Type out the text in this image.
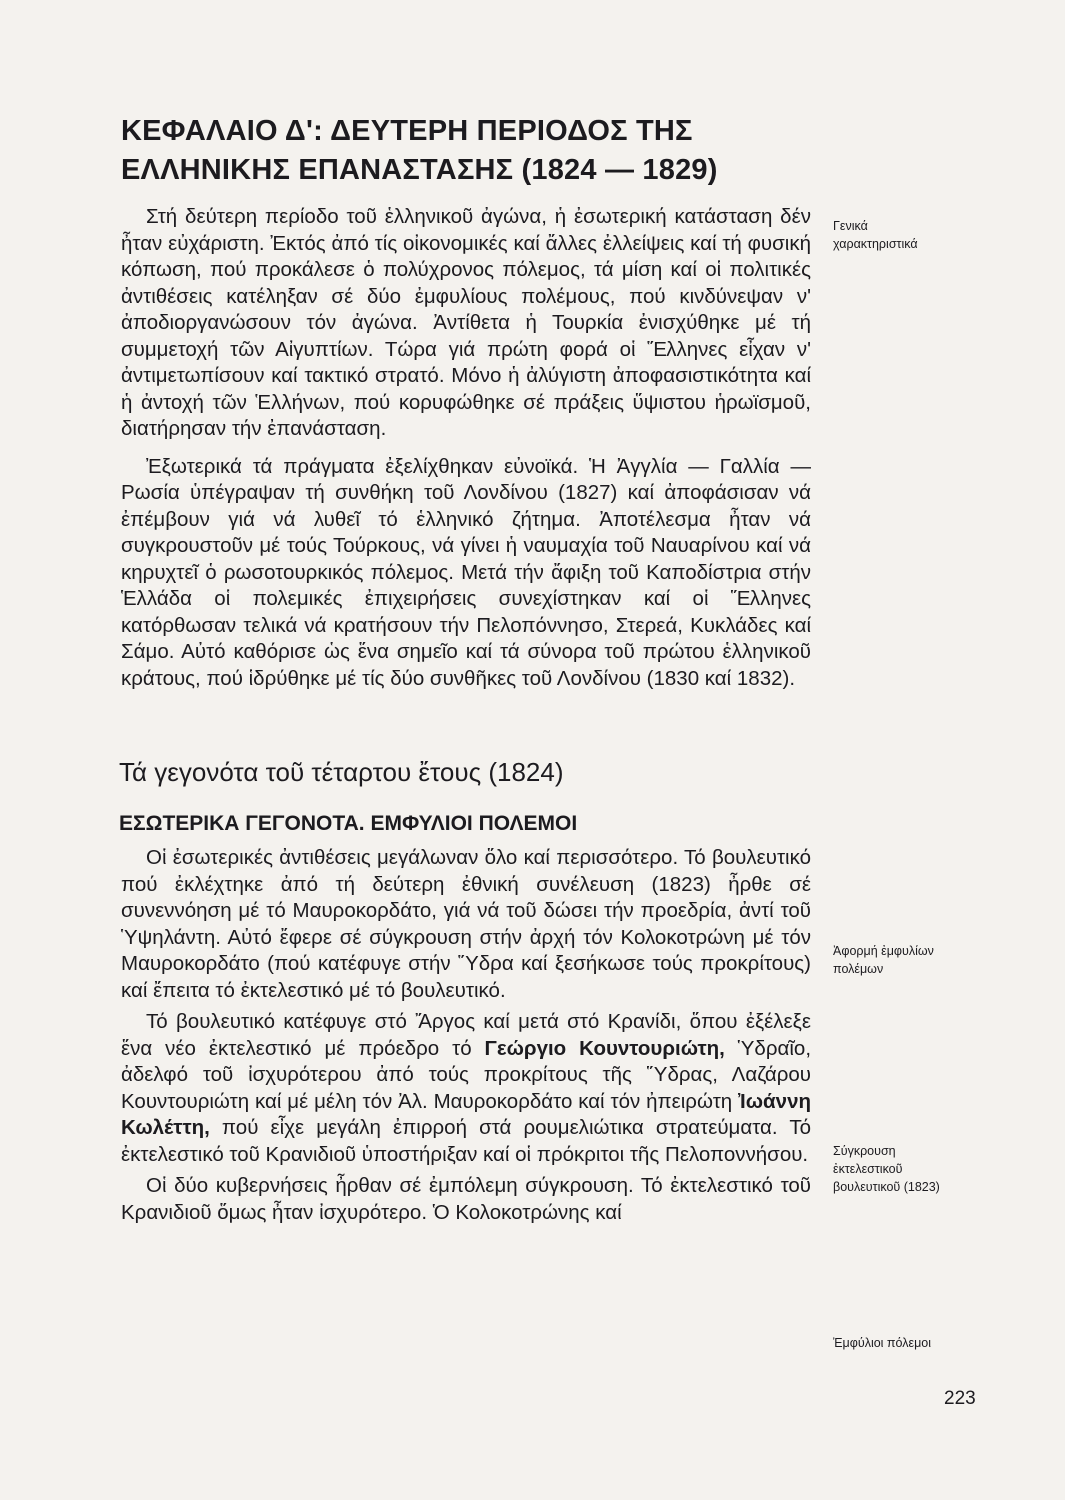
ΚΕΦΑΛΑΙΟ Δ': ΔΕΥΤΕΡΗ ΠΕΡΙΟΔΟΣ ΤΗΣ
ΕΛΛΗΝΙΚΗΣ ΕΠΑΝΑΣΤΑΣΗΣ (1824 — 1829)

Στή δεύτερη περίοδο τοῦ ἑλληνικοῦ ἀγώνα, ἡ ἐσωτερική κατάσταση δέν ἦταν εὐχάριστη. Ἐκτός ἀπό τίς οἰκονομικές καί ἄλλες ἐλλείψεις καί τή φυσική κόπωση, πού προκάλεσε ὁ πολύχρονος πόλεμος, τά μίση καί οἱ πολιτικές ἀντιθέσεις κατέληξαν σέ δύο ἐμφυλίους πολέμους, πού κινδύνεψαν ν' ἀποδιοργανώσουν τόν ἀγώνα. Ἀντίθετα ἡ Τουρκία ἐνισχύθηκε μέ τή συμμετοχή τῶν Αἰγυπτίων. Τώρα γιά πρώτη φορά οἱ Ἕλληνες εἶχαν ν' ἀντιμετωπίσουν καί τακτικό στρατό. Μόνο ἡ ἀλύγιστη ἀποφασιστικότητα καί ἡ ἀντοχή τῶν Ἑλλήνων, πού κορυφώθηκε σέ πράξεις ὕψιστου ἡρωϊσμοῦ, διατήρησαν τήν ἐπανάσταση.

Ἐξωτερικά τά πράγματα ἐξελίχθηκαν εὐνοϊκά. Ἡ Ἀγγλία — Γαλλία — Ρωσία ὑπέγραψαν τή συνθήκη τοῦ Λονδίνου (1827) καί ἀποφάσισαν νά ἐπέμβουν γιά νά λυθεῖ τό ἑλληνικό ζήτημα. Ἀποτέλεσμα ἦταν νά συγκρουστοῦν μέ τούς Τούρκους, νά γίνει ἡ ναυμαχία τοῦ Ναυαρίνου καί νά κηρυχτεῖ ὁ ρωσοτουρκικός πόλεμος. Μετά τήν ἄφιξη τοῦ Καποδίστρια στήν Ἑλλάδα οἱ πολεμικές ἐπιχειρήσεις συνεχίστηκαν καί οἱ Ἕλληνες κατόρθωσαν τελικά νά κρατήσουν τήν Πελοπόννησο, Στερεά, Κυκλάδες καί Σάμο. Αὐτό καθόρισε ὡς ἕνα σημεῖο καί τά σύνορα τοῦ πρώτου ἑλληνικοῦ κράτους, πού ἱδρύθηκε μέ τίς δύο συνθῆκες τοῦ Λονδίνου (1830 καί 1832).

Τά γεγονότα τοῦ τέταρτου ἔτους (1824)
ΕΣΩΤΕΡΙΚΑ ΓΕΓΟΝΟΤΑ. ΕΜΦΥΛΙΟΙ ΠΟΛΕΜΟΙ

Οἱ ἐσωτερικές ἀντιθέσεις μεγάλωναν ὅλο καί περισσότερο. Τό βουλευτικό πού ἐκλέχτηκε ἀπό τή δεύτερη ἐθνική συνέλευση (1823) ἦρθε σέ συνεννόηση μέ τό Μαυροκορδάτο, γιά νά τοῦ δώσει τήν προεδρία, ἀντί τοῦ Ὑψηλάντη. Αὐτό ἔφερε σέ σύγκρουση στήν ἀρχή τόν Κολοκοτρώνη μέ τόν Μαυροκορδάτο (πού κατέφυγε στήν Ὕδρα καί ξεσήκωσε τούς προκρίτους) καί ἔπειτα τό ἐκτελεστικό μέ τό βουλευτικό.

Τό βουλευτικό κατέφυγε στό Ἄργος καί μετά στό Κρανίδι, ὅπου ἐξέλεξε ἕνα νέο ἐκτελεστικό μέ πρόεδρο τό Γεώργιο Κουντουριώτη, Ὑδραῖο, ἀδελφό τοῦ ἰσχυρότερου ἀπό τούς προκρίτους τῆς Ὕδρας, Λαζάρου Κουντουριώτη καί μέ μέλη τόν Ἀλ. Μαυροκορδάτο καί τόν ἠπειρώτη Ἰωάννη Κωλέττη, πού εἶχε μεγάλη ἐπιρροή στά ρουμελιώτικα στρατεύματα. Τό ἐκτελεστικό τοῦ Κρανιδιοῦ ὑποστήριξαν καί οἱ πρόκριτοι τῆς Πελοποννήσου.

Οἱ δύο κυβερνήσεις ἦρθαν σέ ἐμπόλεμη σύγκρουση. Τό ἐκτελεστικό τοῦ Κρανιδιοῦ ὅμως ἦταν ἰσχυρότερο. Ὁ Κολοκοτρώνης καί

Γενικά
χαρακτηριστικά
Ἀφορμή ἐμφυλίων
πολέμων
Σύγκρουση
ἐκτελεστικοῦ
βουλευτικοῦ (1823)
Ἐμφύλιοι πόλεμοι
223
